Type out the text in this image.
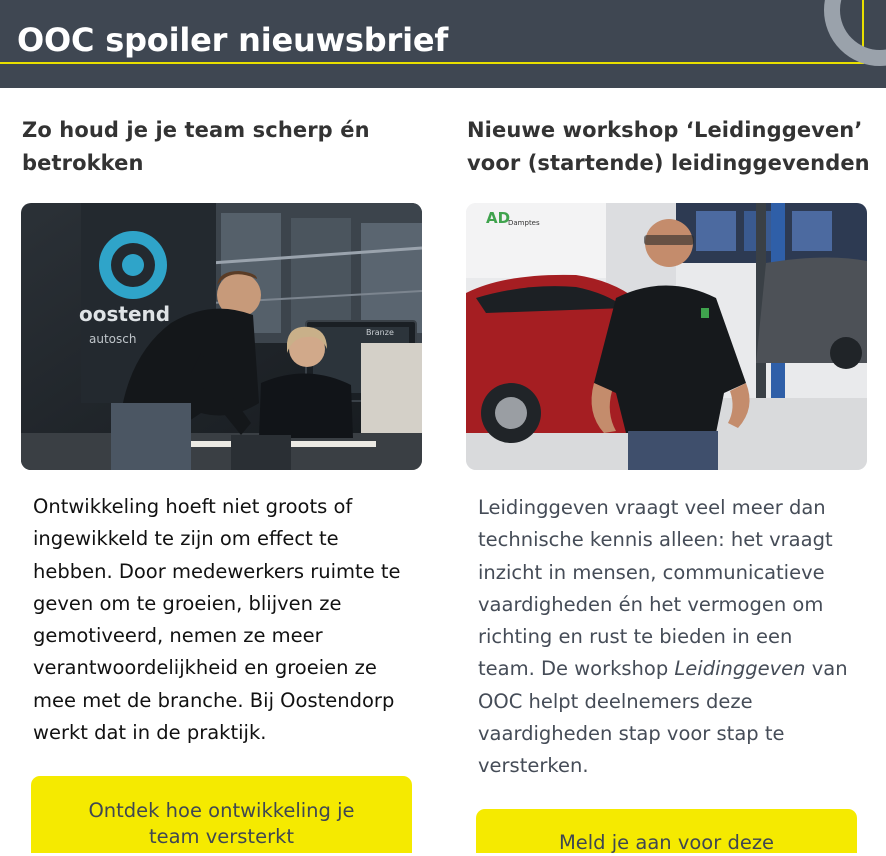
OOC spoiler nieuwsbrief
Zo houd je je team scherp én
betrokken
oostend
autosch	Branze
Ontwikkeling hoeft niet groots of
ingewikkeld te zijn om effect te
hebben. Door medewerkers ruimte te
geven om te groeien, blijven ze
gemotiveerd, nemen ze meer
verantwoordelijkheid en groeien ze
mee met de branche. Bij Oostendorp
werkt dat in de praktijk.
Ontdek hoe ontwikkeling je
team versterkt
Nieuwe workshop ‘Leidinggeven’
voor (startende) leidinggevenden
AD
Damptes
Leidinggeven vraagt veel meer dan
technische kennis alleen: het vraagt
inzicht in mensen, communicatieve
vaardigheden én het vermogen om
richting en rust te bieden in een
team. De workshop Leidinggeven van
OOC helpt deelnemers deze
vaardigheden stap voor stap te
versterken.
Meld je aan voor deze
